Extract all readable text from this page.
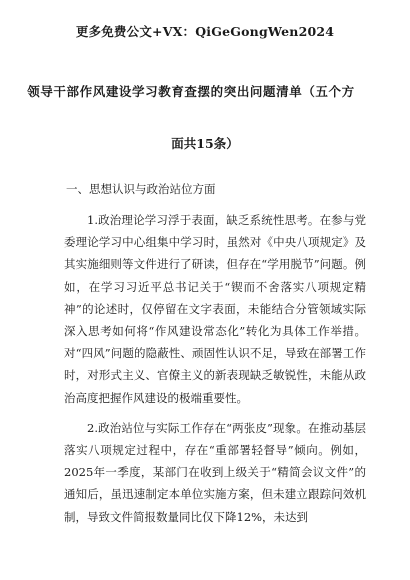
更多免费公文+VX：QiGeGongWen2024
领导干部作风建设学习教育查摆的突出问题清单（五个方
面共15条）
一、思想认识与政治站位方面

1.政治理论学习浮于表面，缺乏系统性思考。在参与党委理论学习中心组集中学习时，虽然对《中央八项规定》及其实施细则等文件进行了研读，但存在“学用脱节”问题。例如，在学习习近平总书记关于“锲而不舍落实八项规定精神”的论述时，仅停留在文字表面，未能结合分管领域实际深入思考如何将“作风建设常态化”转化为具体工作举措。对“四风”问题的隐蔽性、顽固性认识不足，导致在部署工作时，对形式主义、官僚主义的新表现缺乏敏锐性，未能从政治高度把握作风建设的极端重要性。

2.政治站位与实际工作存在“两张皮”现象。在推动基层落实八项规定过程中，存在“重部署轻督导”倾向。例如，2025年一季度，某部门在收到上级关于“精简会议文件”的通知后，虽迅速制定本单位实施方案，但未建立跟踪问效机制，导致文件简报数量同比仅下降12%，未达到
